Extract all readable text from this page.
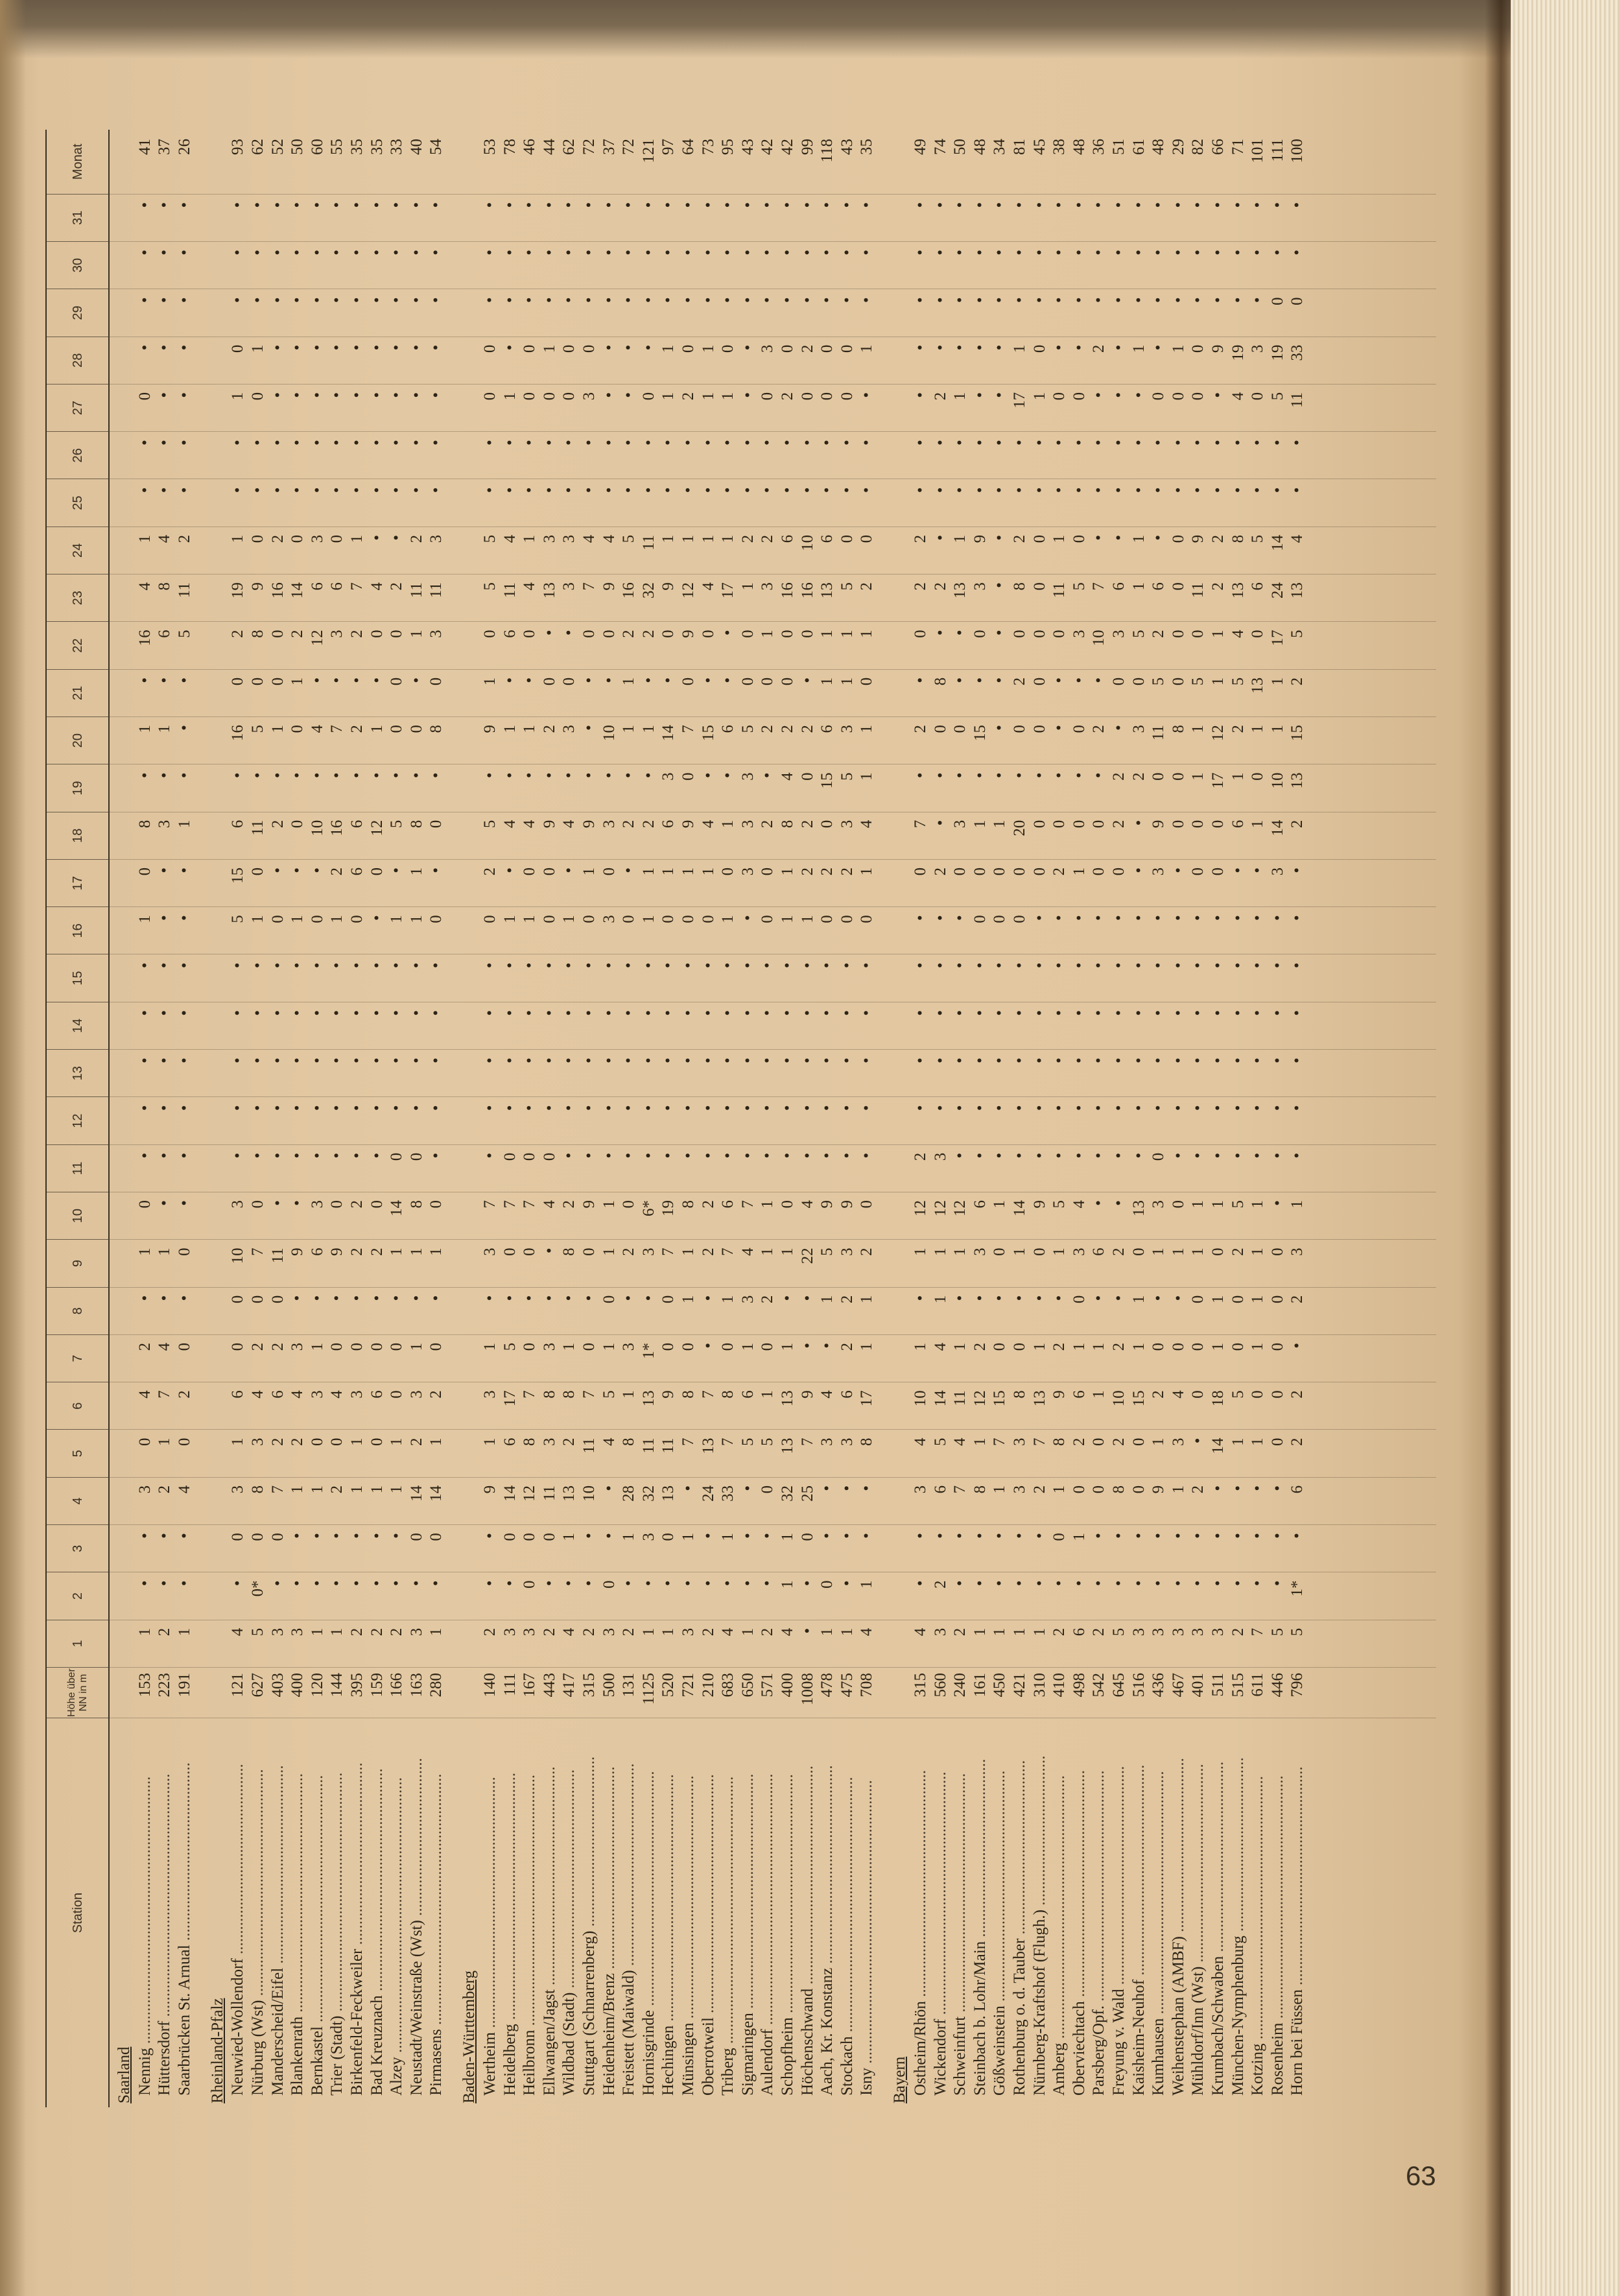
Station
Höhe über NN in m
1
2
3
4
5
6
7
8
9
10
11
12
13
14
15
16
17
18
19
20
21
22
23
24
25
26
27
28
29
30
31
Monat
Saarland Nennig ..................................................................
153
1
•
•
3
0
4
2
•
1
0
•
•
•
•
•
1
0
8
•
1
•
16
4
1
•
•
0
•
•
•
•
41
Hüttersdorf ............................................................
223
2
•
•
2
1
7
4
•
1
•
•
•
•
•
•
•
•
3
•
1
•
6
8
4
•
•
•
•
•
•
•
37
Saarbrücken St. Arnual ............................................
191
1
•
•
4
0
2
0
•
0
•
•
•
•
•
•
•
•
1
•
•
•
5
11
2
•
•
•
•
•
•
•
26
Rheinland-Pfalz Neuwied-Wollendorf ...............................................
121
4
•
0
3
1
6
0
0
10
3
•
•
•
•
•
5
15
6
•
16
0
2
19
1
•
•
1
0
•
•
•
93
Nürburg (Wst) ........................................................
627
5
0*
0
8
3
4
2
0
7
0
•
•
•
•
•
1
0
11
•
5
0
8
9
0
•
•
0
1
•
•
•
62
Manderscheid/Eifel .................................................
403
3
•
0
7
2
6
2
0
11
•
•
•
•
•
•
0
•
2
•
1
0
0
16
2
•
•
•
•
•
•
•
52
Blankenrath ...........................................................
400
3
•
•
1
2
4
3
•
9
•
•
•
•
•
•
1
•
0
•
0
1
2
14
0
•
•
•
•
•
•
•
50
Bernkastel .............................................................
120
1
•
•
1
0
3
1
•
6
3
•
•
•
•
•
0
•
10
•
4
•
12
6
3
•
•
•
•
•
•
•
60
Trier (Stadt) ...........................................................
144
1
•
•
2
0
4
0
•
9
0
•
•
•
•
•
1
2
16
•
7
•
3
6
0
•
•
•
•
•
•
•
55
Birkenfeld-Feckweiler .............................................
395
2
•
•
1
1
3
0
•
2
2
•
•
•
•
•
0
6
6
•
2
•
2
7
1
•
•
•
•
•
•
•
35
Bad Kreuznach .......................................................
159
2
•
•
1
0
6
0
•
2
0
•
•
•
•
•
•
0
12
•
1
•
0
4
•
•
•
•
•
•
•
•
35
Alzey ....................................................................
166
2
•
•
1
1
0
0
•
1
14
0
•
•
•
•
1
•
5
•
0
0
0
2
•
•
•
•
•
•
•
•
33
Neustadt/Weinstraße (Wst) .......................................
163
3
•
0
14
2
3
1
•
1
8
0
•
•
•
•
1
1
8
•
0
•
1
11
2
•
•
•
•
•
•
•
40
Pirmasens ..............................................................
280
1
•
0
14
1
2
0
•
1
0
•
•
•
•
•
0
•
0
•
8
0
3
11
3
•
•
•
•
•
•
•
54
Baden-Württemberg Wertheim ..............................................................
140
2
•
•
9
1
3
1
•
3
7
•
•
•
•
•
0
2
5
•
9
1
0
5
5
•
•
0
0
•
•
•
53
Heidelberg .............................................................
111
3
•
0
14
6
17
5
•
0
7
0
•
•
•
•
1
•
4
•
1
•
6
11
4
•
•
1
•
•
•
•
78
Heilbronn ..............................................................
167
3
0
0
12
8
7
0
•
0
7
0
•
•
•
•
1
0
4
•
1
•
0
4
1
•
•
0
0
•
•
•
46
Ellwangen/Jagst ......................................................
443
2
•
0
11
3
8
3
•
•
4
0
•
•
•
•
0
0
9
•
2
0
•
13
3
•
•
0
1
•
•
•
44
Wildbad (Stadt) ......................................................
417
4
•
1
13
2
8
1
•
8
2
•
•
•
•
•
1
•
4
•
3
0
•
3
3
•
•
0
0
•
•
•
62
Stuttgart (Schnarrenberg) ..........................................
315
2
•
•
10
11
7
0
•
0
9
•
•
•
•
•
0
1
9
•
•
•
0
7
4
•
•
3
0
•
•
•
72
Heidenheim/Brenz ..................................................
500
3
0
•
•
4
5
1
0
1
1
•
•
•
•
•
3
0
3
•
10
•
0
9
4
•
•
•
•
•
•
•
37
Freistett (Maiwald) ..................................................
131
2
•
1
28
8
1
3
•
2
0
•
•
•
•
•
0
•
2
•
1
1
2
16
5
•
•
•
•
•
•
•
72
Hornisgrinde ..........................................................
1125
1
•
3
32
11
13
1*
•
3
6*
•
•
•
•
•
1
1
2
•
1
•
2
32
11
•
•
0
•
•
•
•
121
Hechingen .............................................................
520
1
•
0
13
11
9
0
0
7
19
•
•
•
•
•
0
1
6
3
14
•
0
9
1
•
•
1
1
•
•
•
97
Münsingen ............................................................
721
3
•
1
•
7
8
0
1
1
8
•
•
•
•
•
0
1
9
0
7
0
9
12
1
•
•
2
0
•
•
•
64
Oberrotweil ...........................................................
210
2
•
•
24
13
7
•
•
2
2
•
•
•
•
•
0
1
4
•
15
•
0
4
1
•
•
1
1
•
•
•
73
Triberg ..................................................................
683
4
•
1
33
7
8
0
1
7
6
•
•
•
•
•
1
0
1
•
6
•
•
17
1
•
•
1
0
•
•
•
95
Sigmaringen ..........................................................
650
1
•
•
•
5
6
1
3
4
7
•
•
•
•
•
•
3
3
3
5
0
0
1
2
•
•
•
•
•
•
•
43
Aulendorf ..............................................................
571
2
•
•
0
5
1
0
2
1
1
•
•
•
•
•
0
0
2
•
2
0
1
3
2
•
•
0
3
•
•
•
42
Schopfheim ...........................................................
400
4
1
1
32
13
13
1
•
1
0
•
•
•
•
•
1
1
8
4
2
0
0
16
6
•
•
2
0
•
•
•
42
Höchenschwand ......................................................
1008
•
•
0
25
7
9
•
•
22
4
•
•
•
•
•
1
2
2
0
2
•
0
16
10
•
•
0
2
•
•
•
99
Aach, Kr. Konstanz .................................................
478
1
0
•
•
3
4
•
1
5
9
•
•
•
•
•
0
2
0
15
6
1
1
13
6
•
•
0
0
•
•
•
118
Stockach ...............................................................
475
1
•
•
•
3
6
2
2
3
9
•
•
•
•
•
0
2
3
5
3
1
1
5
0
•
•
0
0
•
•
•
43
Isny ......................................................................
708
4
1
•
•
8
17
1
1
2
0
•
•
•
•
•
0
1
4
1
1
0
1
2
0
•
•
•
1
•
•
•
35
Bayern Ostheim/Rhön ........................................................
315
4
•
•
3
4
10
1
•
1
12
2
•
•
•
•
•
0
7
•
2
•
0
2
2
•
•
•
•
•
•
•
49
Wickendorf ............................................................
560
3
2
•
6
5
14
4
1
1
12
3
•
•
•
•
•
2
•
•
0
8
•
2
•
•
•
2
•
•
•
•
74
Schweinfurt ...........................................................
240
2
•
•
7
4
11
1
•
1
12
•
•
•
•
•
•
0
3
•
0
•
•
13
1
•
•
1
•
•
•
•
50
Steinbach b. Lohr/Main ............................................
161
1
•
•
8
1
12
2
•
3
6
•
•
•
•
•
0
0
1
•
15
•
0
3
9
•
•
•
•
•
•
•
48
Gößweinstein .........................................................
450
1
•
•
1
7
15
0
•
0
1
•
•
•
•
•
0
0
1
•
•
•
•
•
•
•
•
•
•
•
•
•
34
Rothenburg o. d. Tauber ...........................................
421
1
•
•
3
3
8
0
•
1
14
•
•
•
•
•
0
0
20
•
0
2
0
8
2
•
•
17
1
•
•
•
81
Nürnberg-Kraftshof (Flugh.) .....................................
310
1
•
•
2
7
13
1
•
0
9
•
•
•
•
•
•
0
0
•
0
0
0
0
0
•
•
1
0
•
•
•
45
Amberg .................................................................
410
2
•
0
1
8
9
2
•
1
5
•
•
•
•
•
•
2
0
•
•
•
0
11
1
•
•
0
•
•
•
•
38
Oberviechtach ........................................................
498
6
•
1
0
2
6
1
0
3
4
•
•
•
•
•
•
1
0
•
0
•
3
5
0
•
•
0
•
•
•
•
48
Parsberg/Opf. .........................................................
542
2
•
•
0
0
1
1
•
6
•
•
•
•
•
•
•
0
0
•
2
•
10
7
•
•
•
•
2
•
•
•
36
Freyung v. Wald ......................................................
645
5
•
•
8
2
10
2
•
2
•
•
•
•
•
•
•
0
2
2
•
0
3
6
•
•
•
•
•
•
•
•
51
Kaisheim-Neuhof ....................................................
516
3
•
•
0
0
15
1
1
0
13
•
•
•
•
•
•
•
•
2
3
0
5
1
1
•
•
•
1
•
•
•
61
Kumhausen ............................................................
436
3
•
•
9
1
2
0
•
1
3
0
•
•
•
•
•
3
9
0
11
5
2
6
•
•
•
0
•
•
•
•
48
Weihenstephan (AMBF) ...........................................
467
3
•
•
1
3
4
0
•
1
0
•
•
•
•
•
•
•
0
0
8
0
0
0
0
•
•
0
1
•
•
•
29
Mühldorf/Inn (Wst) .................................................
401
3
•
•
2
•
0
0
0
1
1
•
•
•
•
•
•
0
0
1
1
5
0
11
9
•
•
0
0
•
•
•
82
Krumbach/Schwaben ...............................................
511
3
•
•
•
14
18
1
1
0
1
•
•
•
•
•
•
0
0
17
12
1
1
2
2
•
•
•
9
•
•
•
66
München-Nymphenburg ...........................................
515
2
•
•
•
1
5
0
0
2
5
•
•
•
•
•
•
•
6
1
2
5
4
13
8
•
•
4
19
•
•
•
71
Kotzing .................................................................
611
7
•
•
•
1
0
1
1
1
1
•
•
•
•
•
•
•
1
0
1
13
0
6
5
•
•
0
3
•
•
•
101
Rosenheim ............................................................
446
5
•
•
•
0
0
0
0
0
•
•
•
•
•
•
•
3
14
10
1
1
17
24
14
•
•
5
19
0
•
•
111
Horn bei Füssen ......................................................
796
5
1*
•
6
2
2
•
2
3
1
•
•
•
•
•
•
•
2
13
15
2
5
13
4
•
•
11
33
0
•
•
100
63
